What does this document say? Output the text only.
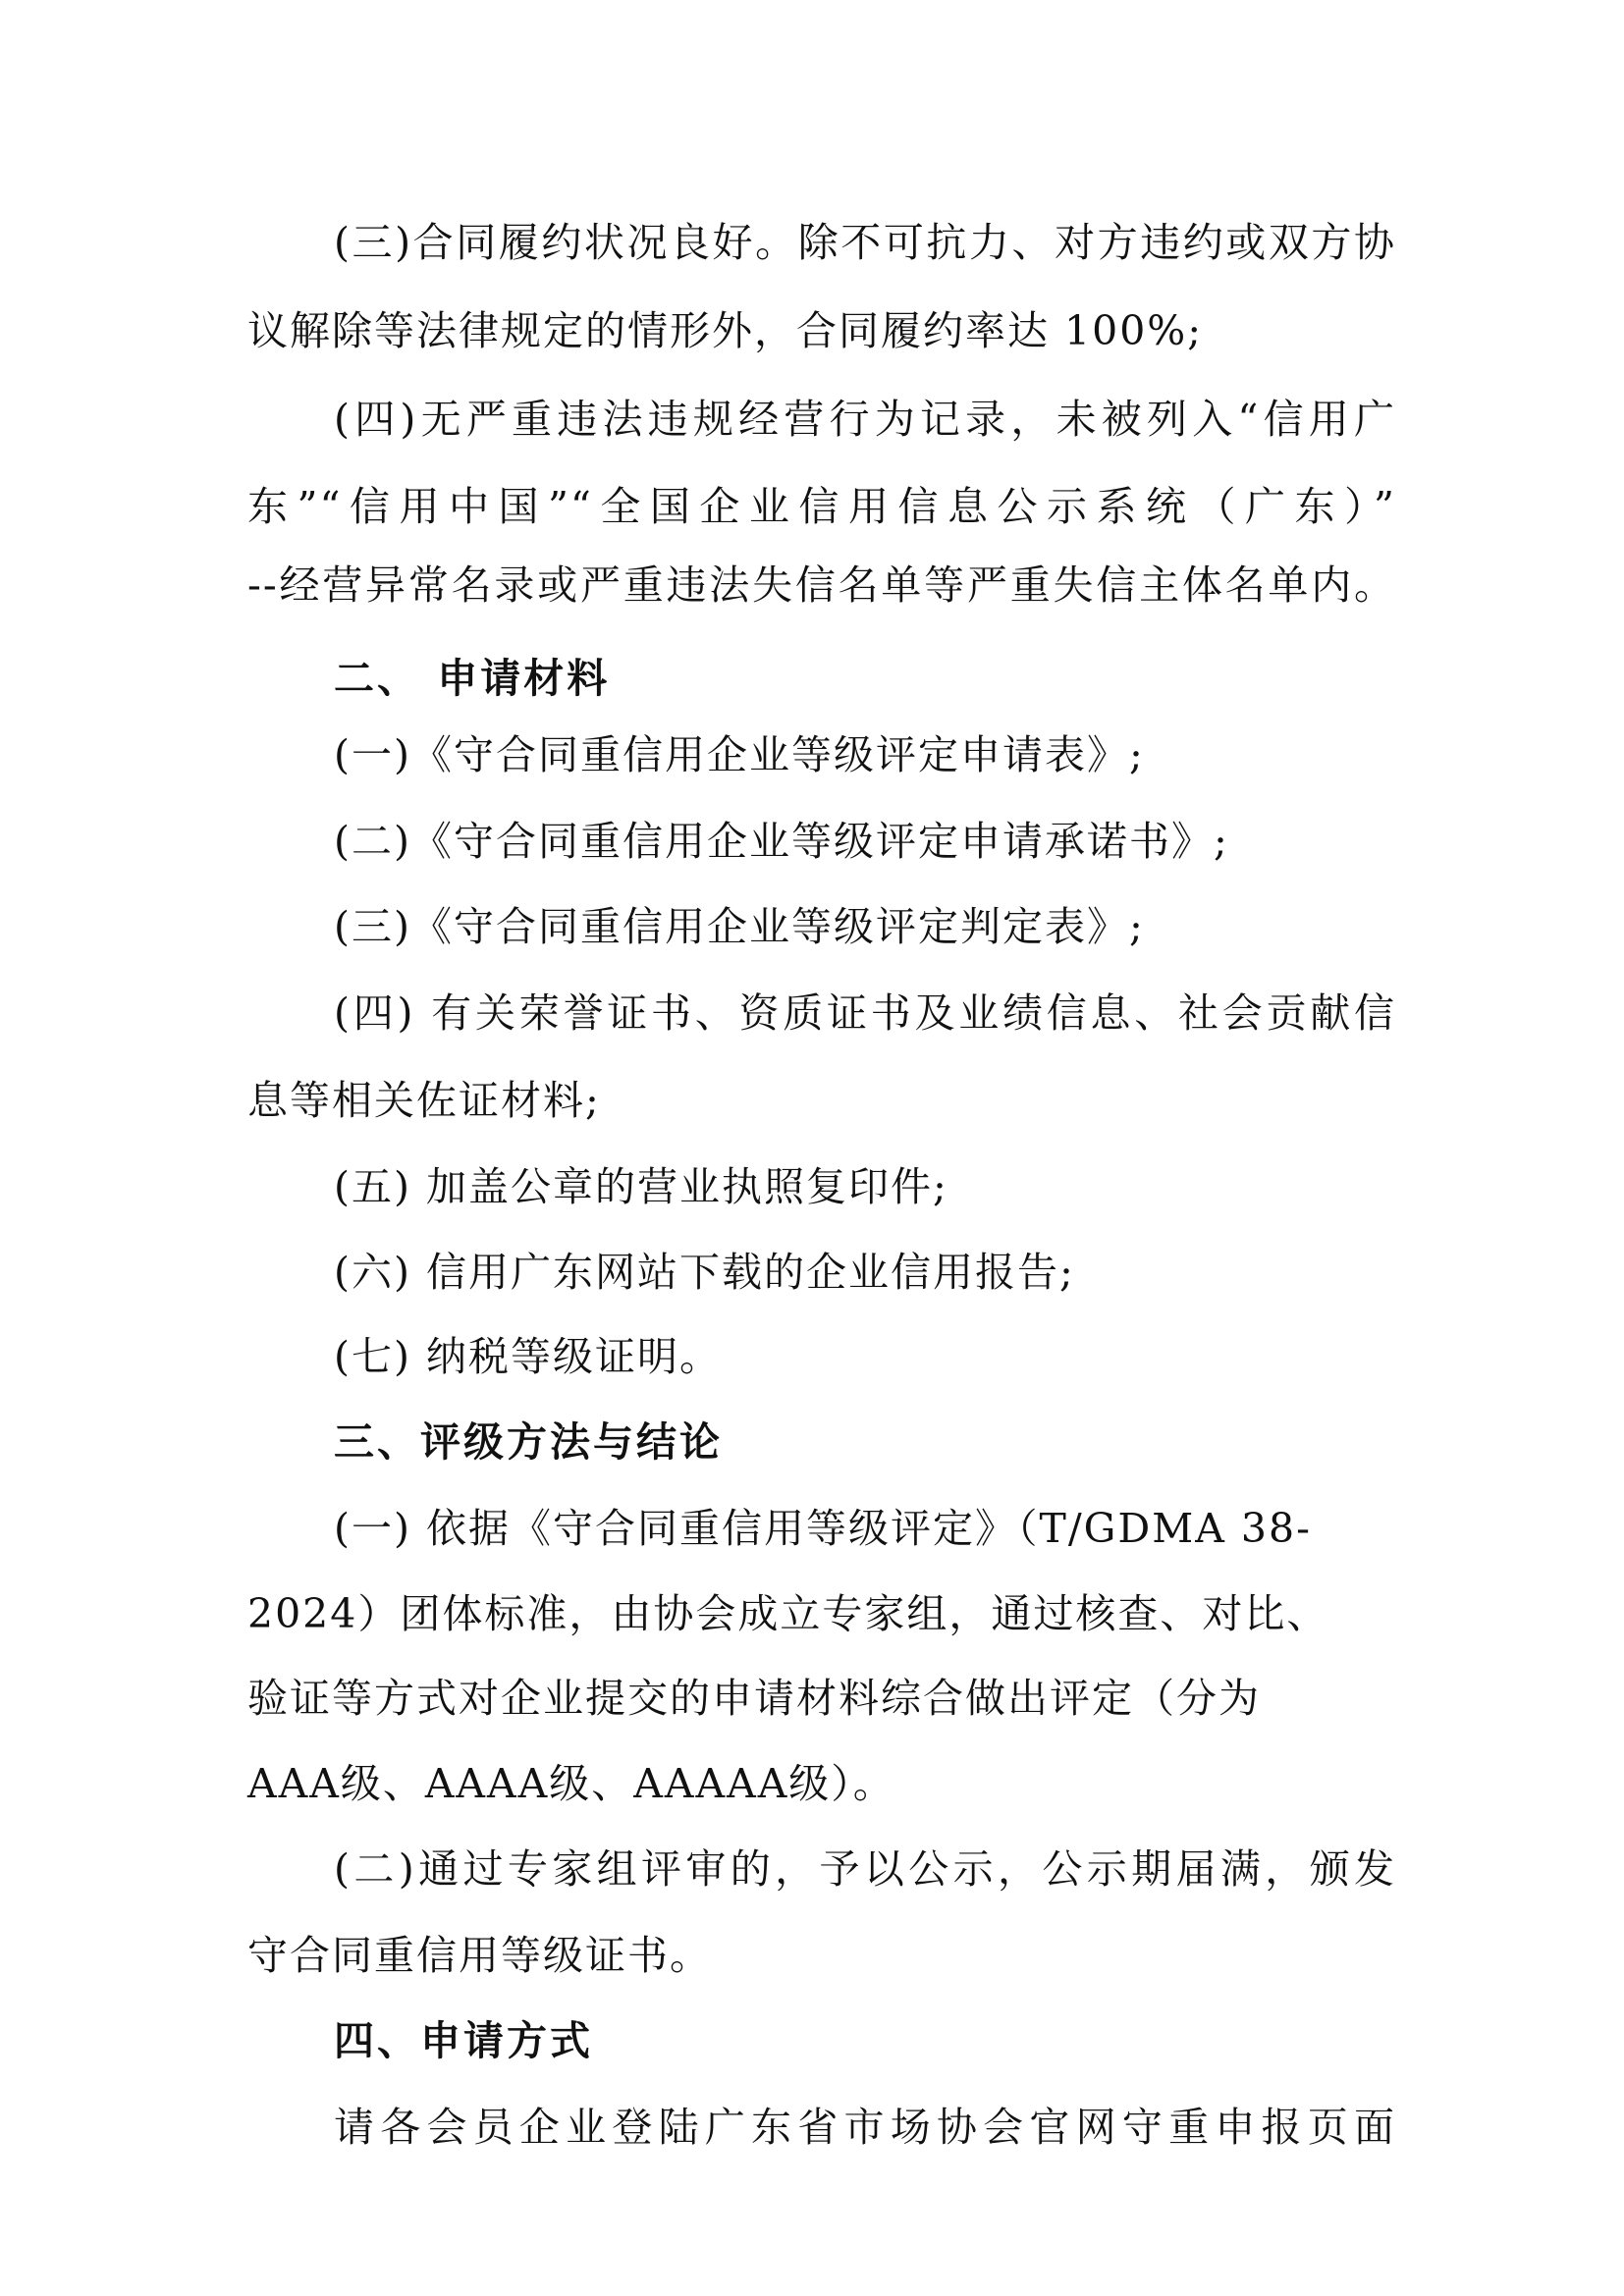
(三)合同履约状况良好。除不可抗力、对方违约或双方协
议解除等法律规定的情形外，合同履约率达 100%;
(四)无严重违法违规经营行为记录，未被列入“信用广
东”“信用中国”“全国企业信用信息公示系统（广东）”
--经营异常名录或严重违法失信名单等严重失信主体名单内。
二、 申请材料
(一)《守合同重信用企业等级评定申请表》;
(二)《守合同重信用企业等级评定申请承诺书》;
(三)《守合同重信用企业等级评定判定表》;
(四) 有关荣誉证书、资质证书及业绩信息、社会贡献信
息等相关佐证材料;
(五) 加盖公章的营业执照复印件;
(六) 信用广东网站下载的企业信用报告;
(七) 纳税等级证明。
三、评级方法与结论
(一) 依据《守合同重信用等级评定》（T/GDMA 38-
2024）团体标准，由协会成立专家组，通过核查、对比、
验证等方式对企业提交的申请材料综合做出评定（分为
AAA级、AAAA级、AAAAA级）。
(二)通过专家组评审的，予以公示，公示期届满，颁发
守合同重信用等级证书。
四、申请方式
请各会员企业登陆广东省市场协会官网守重申报页面
